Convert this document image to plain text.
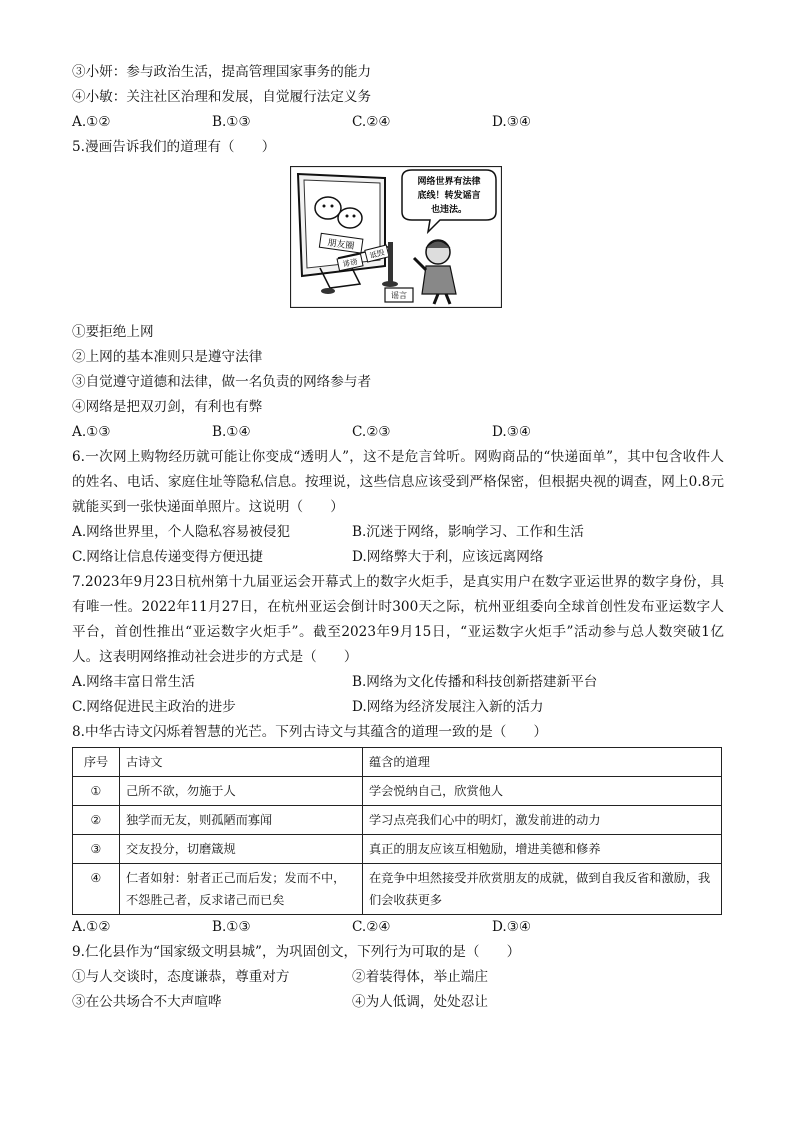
③小妍：参与政治生活，提高管理国家事务的能力
④小敏：关注社区治理和发展，自觉履行法定义务
A.①②	B.①③	C.②④	D.③④
5.漫画告诉我们的道理有（　　）
朋友圈
诽谤
诋毁
谣言
网络世界有法律
底线！转发谣言
也违法。
①要拒绝上网
②上网的基本准则只是遵守法律
③自觉遵守道德和法律，做一名负责的网络参与者
④网络是把双刃剑，有利也有弊
A.①③	B.①④	C.②③	D.③④
6.一次网上购物经历就可能让你变成“透明人”，这不是危言耸听。网购商品的“快递面单”，其中包含收件人的姓名、电话、家庭住址等隐私信息。按理说，这些信息应该受到严格保密，但根据央视的调查，网上0.8元就能买到一张快递面单照片。这说明（　　）
A.网络世界里，个人隐私容易被侵犯	B.沉迷于网络，影响学习、工作和生活
C.网络让信息传递变得方便迅捷	D.网络弊大于利，应该远离网络
7.2023年9月23日杭州第十九届亚运会开幕式上的数字火炬手，是真实用户在数字亚运世界的数字身份，具有唯一性。2022年11月27日，在杭州亚运会倒计时300天之际，杭州亚组委向全球首创性发布亚运数字人平台，首创性推出“亚运数字火炬手”。截至2023年9月15日，“亚运数字火炬手”活动参与总人数突破1亿人。这表明网络推动社会进步的方式是（　　）
A.网络丰富日常生活	B.网络为文化传播和科技创新搭建新平台
C.网络促进民主政治的进步	D.网络为经济发展注入新的活力
8.中华古诗文闪烁着智慧的光芒。下列古诗文与其蕴含的道理一致的是（　　）
序号	古诗文	蕴含的道理
①	己所不欲，勿施于人	学会悦纳自己，欣赏他人
②	独学而无友，则孤陋而寡闻	学习点亮我们心中的明灯，激发前进的动力
③	交友投分，切磨箴规	真正的朋友应该互相勉励，增进美德和修养
④	仁者如射：射者正己而后发；发而不中，不怨胜己者，反求诸己而已矣	在竞争中坦然接受并欣赏朋友的成就，做到自我反省和激励，我们会收获更多
A.①②	B.①③	C.②④	D.③④
9.仁化县作为“国家级文明县城”，为巩固创文，下列行为可取的是（　　）
①与人交谈时，态度谦恭，尊重对方	②着装得体，举止端庄
③在公共场合不大声喧哗	④为人低调，处处忍让
